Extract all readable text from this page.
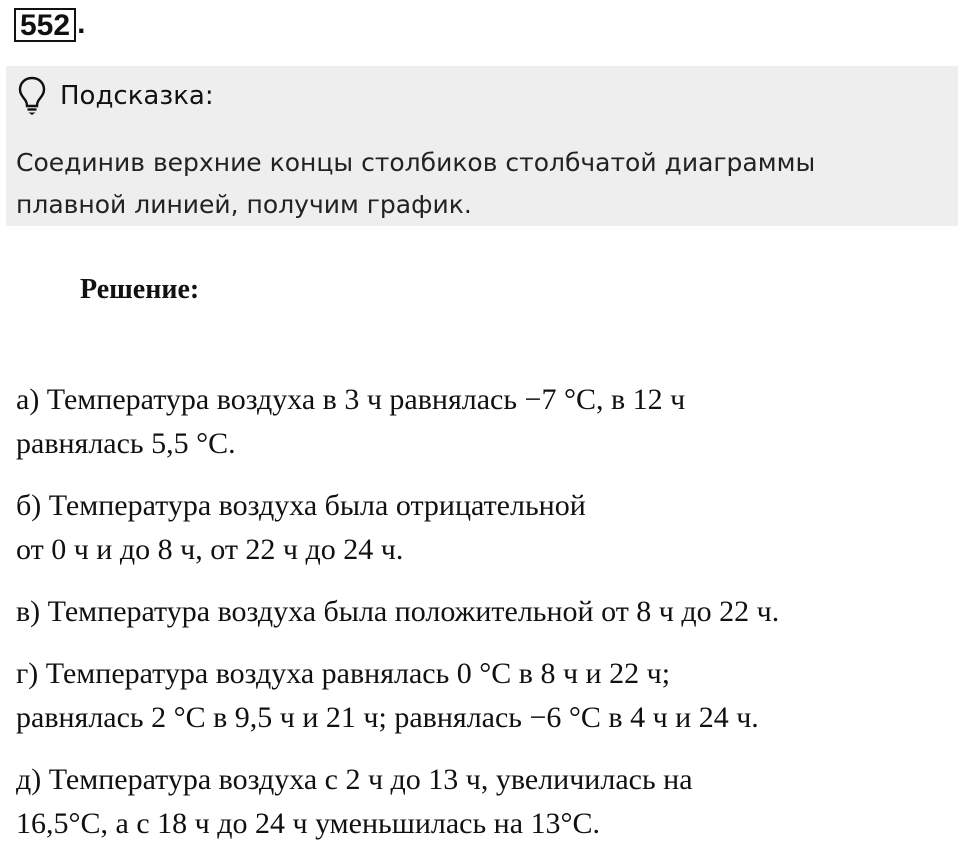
552 .
Подсказка:
Соединив верхние концы столбиков столбчатой диаграммы
плавной линией, получим график.
Решение:
а) Температура воздуха в 3 ч равнялась −7 °C, в 12 ч
равнялась 5,5 °C.
б) Температура воздуха была отрицательной
от 0 ч и до 8 ч, от 22 ч до 24 ч.
в) Температура воздуха была положительной от 8 ч до 22 ч.
г) Температура воздуха равнялась 0 °C в 8 ч и 22 ч;
равнялась 2 °C в 9,5 ч и 21 ч; равнялась −6 °C в 4 ч и 24 ч.
д) Температура воздуха с 2 ч до 13 ч, увеличилась на
16,5°C, а с 18 ч до 24 ч уменьшилась на 13°C.
